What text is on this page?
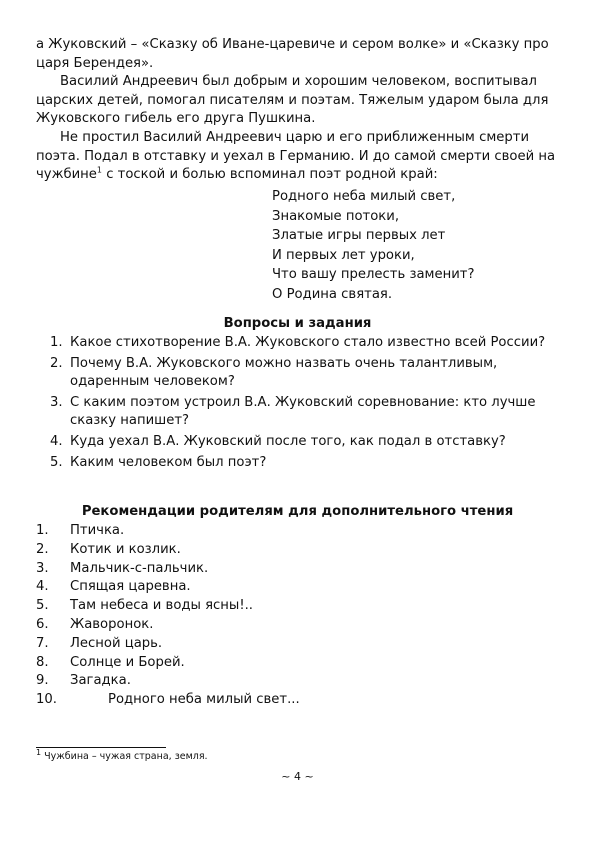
а Жуковский – «Сказку об Иване-царевиче и сером волке» и «Сказку про царя Берендея».
Василий Андреевич был добрым и хорошим человеком, воспитывал царских детей, помогал писателям и поэтам. Тяжелым ударом была для Жуковского гибель его друга Пушкина.
Не простил Василий Андреевич царю и его приближенным смерти поэта. Подал в отставку и уехал в Германию. И до самой смерти своей на чужбине$^1$ с тоской и болью вспоминал поэт родной край:
Родного неба милый свет,
Знакомые потоки,
Златые игры первых лет
И первых лет уроки,
Что вашу прелесть заменит?
О Родина святая.
Вопросы и задания
1. Какое стихотворение В.А. Жуковского стало известно всей России?
2. Почему В.А. Жуковского можно назвать очень талантливым, одаренным человеком?
3. С каким поэтом устроил В.А. Жуковский соревнование: кто лучше сказку напишет?
4. Куда уехал В.А. Жуковский после того, как подал в отставку?
5. Каким человеком был поэт?
Рекомендации родителям для дополнительного чтения
1. Птичка.
2. Котик и козлик.
3. Мальчик-с-пальчик.
4. Спящая царевна.
5. Там небеса и воды ясны!..
6. Жаворонок.
7. Лесной царь.
8. Солнце и Борей.
9. Загадка.
10.	Родного неба милый свет...
$^1$ Чужбина – чужая страна, земля.
~ 4 ~
